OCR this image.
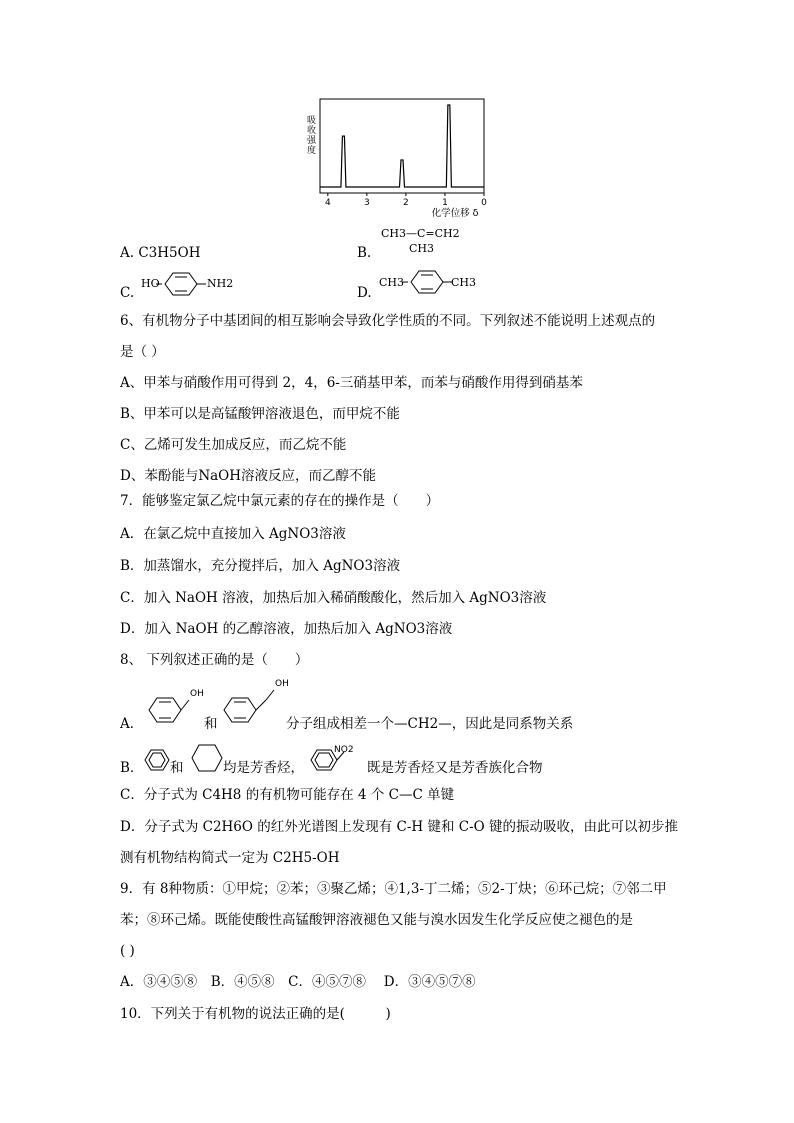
吸
收
强
度
4	3	2	1	0
化学位移 δ
A. C3H5OH	B.
CH3—C=CH2
CH3
C.
HO	NH2
D.
CH3	CH3
6、有机物分子中基团间的相互影响会导致化学性质的不同。下列叙述不能说明上述观点的
是（ ）
A、甲苯与硝酸作用可得到 2，4，6-三硝基甲苯，而苯与硝酸作用得到硝基苯
B、甲苯可以是高锰酸钾溶液退色，而甲烷不能
C、乙烯可发生加成反应，而乙烷不能
D、苯酚能与NaOH溶液反应，而乙醇不能
7．能够鉴定氯乙烷中氯元素的存在的操作是（　　）
A．在氯乙烷中直接加入 AgNO3溶液
B．加蒸馏水，充分搅拌后，加入 AgNO3溶液
C．加入 NaOH 溶液，加热后加入稀硝酸酸化，然后加入 AgNO3溶液
D．加入 NaOH 的乙醇溶液，加热后加入 AgNO3溶液
8、 下列叙述正确的是（　　）
A．
OH
和
OH
分子组成相差一个—CH2—，因此是同系物关系
B． 和	均是芳香烃，
NO2
既是芳香烃又是芳香族化合物
C．分子式为 C4H8 的有机物可能存在 4 个 C—C 单键
D．分子式为 C2H6O 的红外光谱图上发现有 C-H 键和 C-O 键的振动吸收，由此可以初步推
测有机物结构简式一定为 C2H5-OH
9．有 8种物质：①甲烷；②苯；③聚乙烯；④1,3-丁二烯；⑤2-丁炔；⑥环己烷；⑦邻二甲
苯；⑧环己烯。既能使酸性高锰酸钾溶液褪色又能与溴水因发生化学反应使之褪色的是
( )
A．③④⑤⑧　B．④⑤⑧　C．④⑤⑦⑧　 D．③④⑤⑦⑧
10．下列关于有机物的说法正确的是(　　　)
